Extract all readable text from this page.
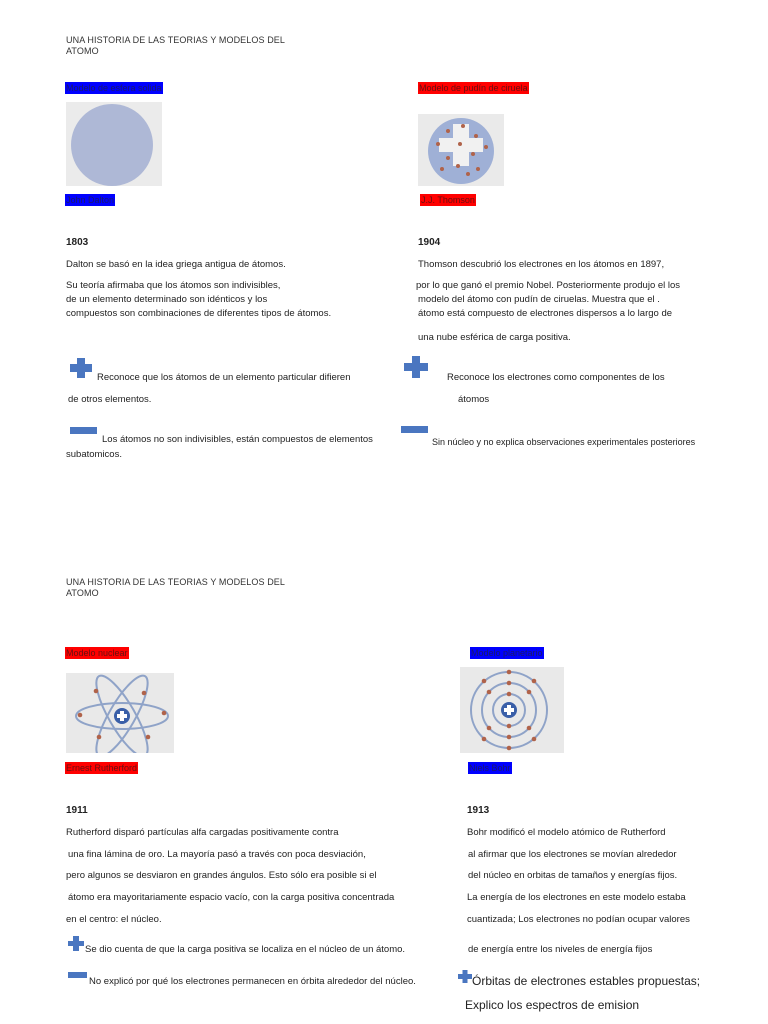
UNA HISTORIA DE LAS TEORIAS Y MODELOS DEL
ATOMO
Modelo de esfera solida
John Dalton
1803
Dalton se basó en la idea griega antigua de átomos.
Su teoría afirmaba que los átomos son indivisibles,
de un elemento determinado son idénticos y los
compuestos son combinaciones de diferentes tipos de átomos.
Reconoce que los átomos de un elemento particular difieren
de otros elementos.
Los átomos no son indivisibles, están compuestos de elementos
subatomicos.
Modelo de pudín de ciruela
J.J. Thomson
1904
Thomson descubrió los electrones en los átomos en 1897,
por lo que ganó el premio Nobel. Posteriormente produjo el los
modelo del átomo con pudín de ciruelas. Muestra que el .
átomo está compuesto de electrones dispersos a lo largo de
una nube esférica de carga positiva.
Reconoce los electrones como componentes de los
átomos
Sin núcleo y no explica observaciones experimentales posteriores
UNA HISTORIA DE LAS TEORIAS Y MODELOS DEL
ATOMO
Modelo nuclear
Ernest Rutherford
1911
Rutherford disparó partículas alfa cargadas positivamente contra
una fina lámina de oro. La mayoría pasó a través con poca desviación,
pero algunos se desviaron en grandes ángulos. Esto sólo era posible si el
átomo era mayoritariamente espacio vacío, con la carga positiva concentrada
en el centro: el núcleo.
Se dio cuenta de que la carga positiva se localiza en el núcleo de un átomo.
No explicó por qué los electrones permanecen en órbita alrededor del núcleo.
Modelo planetario
Niels Bohr
1913
Bohr modificó el modelo atómico de Rutherford
al afirmar que los electrones se movían alrededor
del núcleo en orbitas de tamaños y energías fijos.
La energía de los electrones en este modelo estaba
cuantizada; Los electrones no podían ocupar valores
de energía entre los niveles de energía fijos
Órbitas de electrones estables propuestas;
Explico los espectros de emision
